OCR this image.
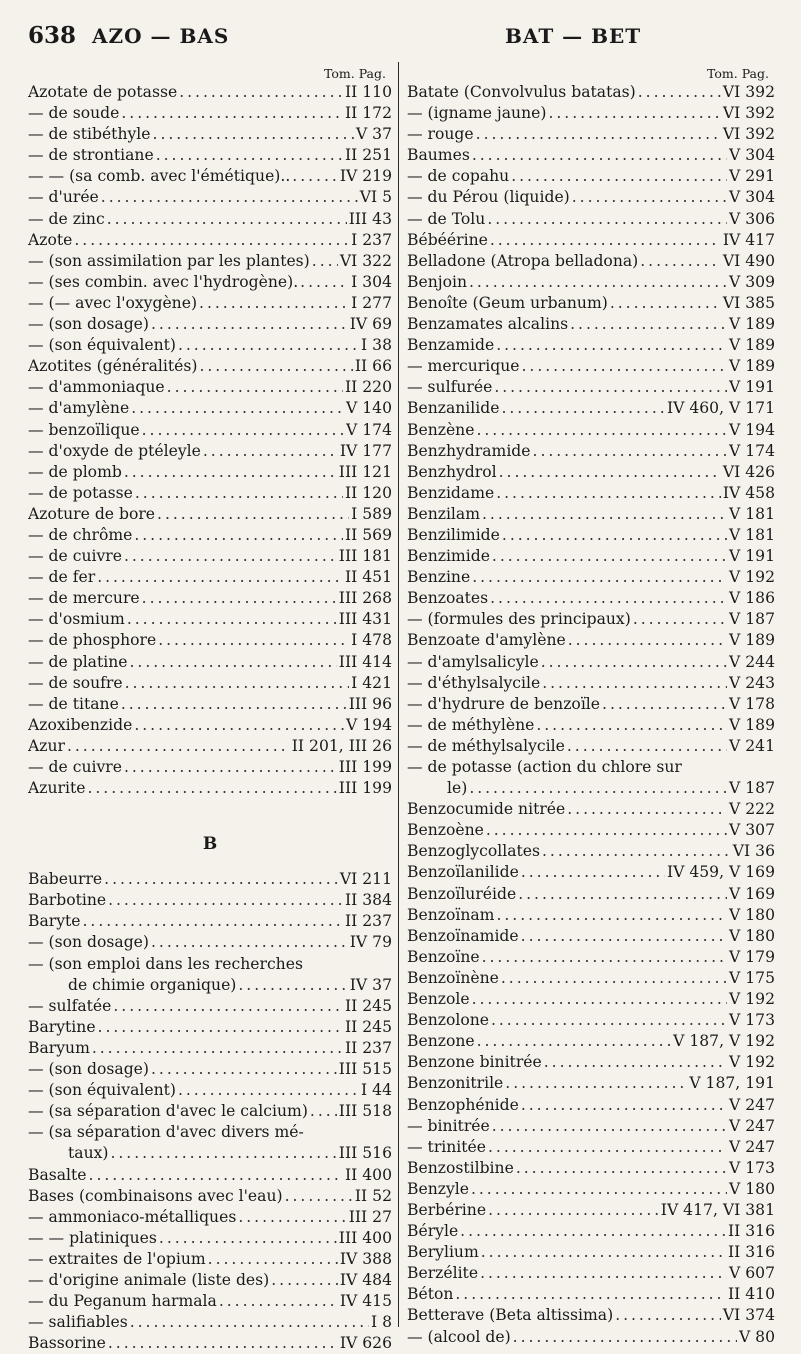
638 AZO — BAS	BAT — BET
Tom. Pag.
Azotate de potasse . . .	II 110
— de soude . . .	II 172
— de stibéthyle . . .	V 37
— de strontiane . . .	II 251
— — (sa comb. avec l'émétique).. . . .	IV 219
— d'urée . . .	VI 5
— de zinc . . .	III 43
Azote . . .	I 237
— (son assimilation par les plantes) . . . VI 322
— (ses combin. avec l'hydrogène). . . .	I 304
— (— avec l'oxygène) . . .	I 277
— (son dosage) . . .	IV 69
— (son équivalent) . . .	I 38
Azotites (généralités) . . .	II 66
— d'ammoniaque . . .	II 220
— d'amylène . . .	V 140
— benzoïlique . . .	V 174
— d'oxyde de ptéleyle . . .	IV 177
— de plomb . . .	III 121
— de potasse . . .	II 120
Azoture de bore . . .	I 589
— de chrôme . . .	II 569
— de cuivre . . .	III 181
— de fer . . .	II 451
— de mercure . . .	III 268
— d'osmium . . .	III 431
— de phosphore . . .	I 478
— de platine . . .	III 414
— de soufre . . .	I 421
— de titane . . .	III 96
Azoxibenzide . . .	V 194
Azur . . .	II 201, III 26
— de cuivre . . .	III 199
Azurite . . .	III 199
B
Babeurre . . .	VI 211
Barbotine . . .	II 384
Baryte . . .	II 237
— (son dosage) . . .	IV 79
— (son emploi dans les recherches
de chimie organique) . . .	IV 37
— sulfatée . . .	II 245
Barytine . . .	II 245
Baryum . . .	II 237
— (son dosage) . . .	III 515
— (son équivalent) . . .	I 44
— (sa séparation d'avec le calcium) . . . III 518
— (sa séparation d'avec divers mé-
taux) . . .	III 516
Basalte . . .	II 400
Bases (combinaisons avec l'eau) . . .	II 52
— ammoniaco-métalliques . . .	III 27
— — platiniques . . .	III 400
— extraites de l'opium . . .	IV 388
— d'origine animale (liste des) . . .	IV 484
— du Peganum harmala . . .	IV 415
— salifiables . . .	I 8
Bassorine . . .	IV 626
Tom. Pag.
Batate (Convolvulus batatas) . . .	VI 392
— (igname jaune) . . .	VI 392
— rouge . . .	VI 392
Baumes . . .	V 304
— de copahu . . .	V 291
— du Pérou (liquide) . . .	V 304
— de Tolu . . .	V 306
Bébéérine . . .	IV 417
Belladone (Atropa belladona) . . .	VI 490
Benjoin . . .	V 309
Benoîte (Geum urbanum) . . .	VI 385
Benzamates alcalins . . .	V 189
Benzamide . . .	V 189
— mercurique . . .	V 189
— sulfurée . . .	V 191
Benzanilide . . .	IV 460, V 171
Benzène . . .	V 194
Benzhydramide . . .	V 174
Benzhydrol . . .	VI 426
Benzidame . . .	IV 458
Benzilam . . .	V 181
Benzilimide . . .	V 181
Benzimide . . .	V 191
Benzine . . .	V 192
Benzoates . . .	V 186
— (formules des principaux) . . .	V 187
Benzoate d'amylène . . .	V 189
— d'amylsalicyle . . .	V 244
— d'éthylsalycile . . .	V 243
— d'hydrure de benzoïle . . .	V 178
— de méthylène . . .	V 189
— de méthylsalycile . . .	V 241
— de potasse (action du chlore sur
le) . . .	V 187
Benzocumide nitrée . . .	V 222
Benzoène . . .	V 307
Benzoglycollates . . .	VI 36
Benzoïlanilide . . .	IV 459, V 169
Benzoïluréide . . .	V 169
Benzoïnam . . .	V 180
Benzoïnamide . . .	V 180
Benzoïne . . .	V 179
Benzoïnène . . .	V 175
Benzole . . .	V 192
Benzolone . . .	V 173
Benzone . . .	V 187, V 192
Benzone binitrée . . .	V 192
Benzonitrile . . .	V 187, 191
Benzophénide . . .	V 247
— binitrée . . .	V 247
— trinitée . . .	V 247
Benzostilbine . . .	V 173
Benzyle . . .	V 180
Berbérine . . .	IV 417, VI 381
Béryle . . .	II 316
Berylium . . .	II 316
Berzélite . . .	V 607
Béton . . .	II 410
Betterave (Beta altissima) . . .	VI 374
— (alcool de) . . .	V 80
